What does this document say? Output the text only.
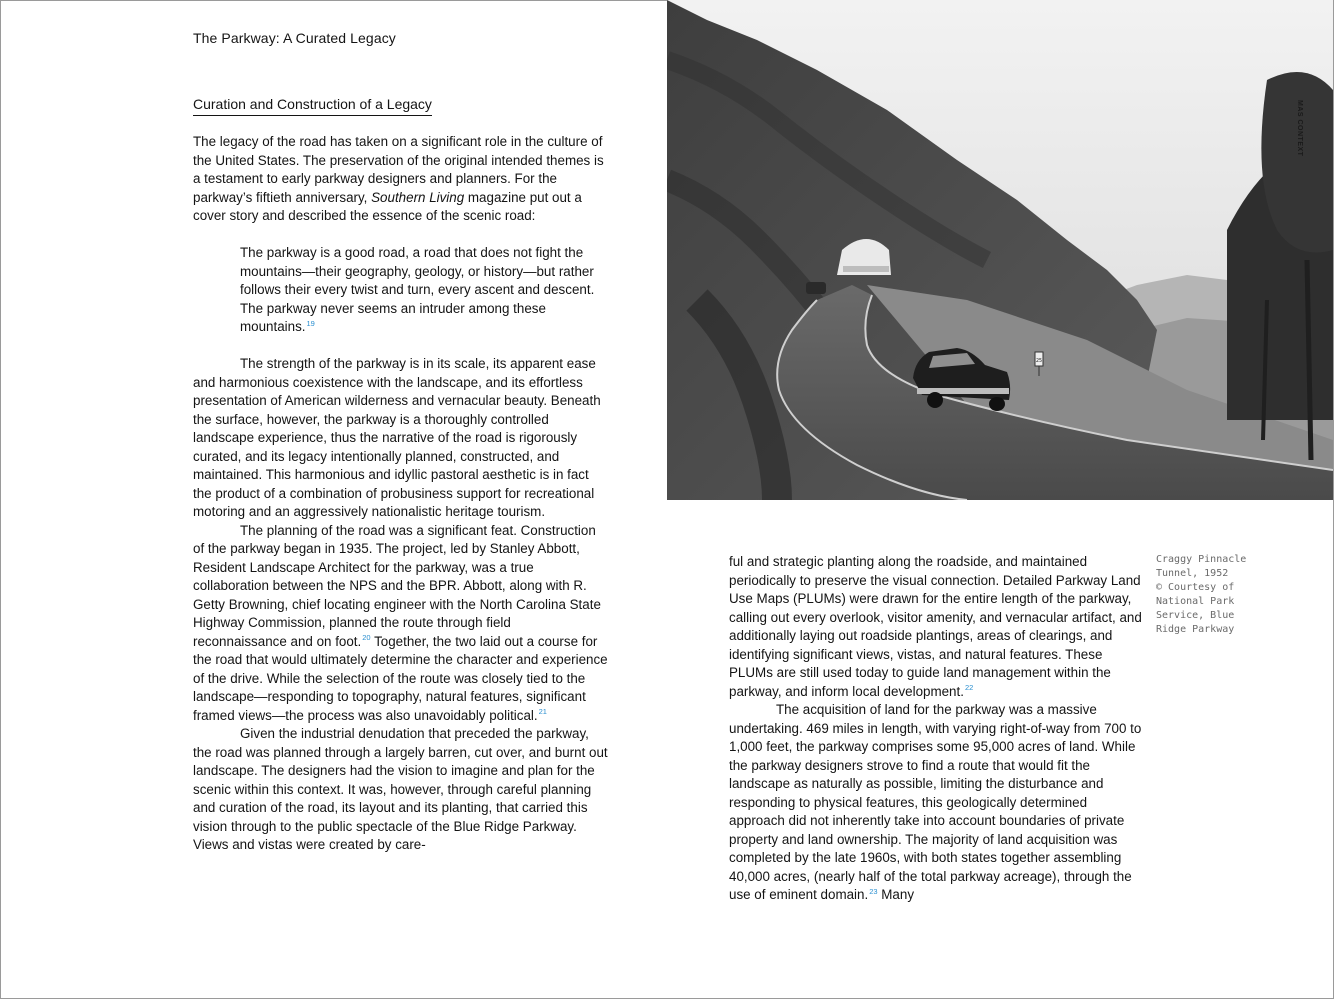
The Parkway: A Curated Legacy
MAS CONTEXT
Curation and Construction of a Legacy

The legacy of the road has taken on a significant role in the culture of the United States. The preservation of the original intended themes is a testament to early parkway designers and planners. For the parkway’s fiftieth anniversary, Southern Living magazine put out a cover story and described the essence of the scenic road:

The parkway is a good road, a road that does not fight the mountains—their geography, geology, or history—but rather follows their every twist and turn, every ascent and descent. The parkway never seems an intruder among these mountains.$^{19}$

The strength of the parkway is in its scale, its apparent ease and harmonious coexistence with the landscape, and its effortless presentation of American wilderness and vernacular beauty. Beneath the surface, however, the parkway is a thoroughly controlled landscape experience, thus the narrative of the road is rigorously curated, and its legacy intentionally planned, constructed, and maintained. This harmonious and idyllic pastoral aesthetic is in fact the product of a combination of probusiness support for recreational motoring and an aggressively nationalistic heritage tourism.

The planning of the road was a significant feat. Construction of the parkway began in 1935. The project, led by Stanley Abbott, Resident Landscape Architect for the parkway, was a true collaboration between the NPS and the BPR. Abbott, along with R. Getty Browning, chief locating engineer with the North Carolina State Highway Commission, planned the route through field reconnaissance and on foot.$^{20}$ Together, the two laid out a course for the road that would ultimately determine the character and experience of the drive. While the selection of the route was closely tied to the landscape—responding to topography, natural features, significant framed views—the process was also unavoidably political.$^{21}$

Given the industrial denudation that preceded the parkway, the road was planned through a largely barren, cut over, and burnt out landscape. The designers had the vision to imagine and plan for the scenic within this context. It was, however, through careful planning and curation of the road, its layout and its planting, that carried this vision through to the public spectacle of the Blue Ridge Parkway. Views and vistas were created by care-

25

ful and strategic planting along the roadside, and maintained periodically to preserve the visual connection. Detailed Parkway Land Use Maps (PLUMs) were drawn for the entire length of the parkway, calling out every overlook, visitor amenity, and vernacular artifact, and additionally laying out roadside plantings, areas of clearings, and identifying significant views, vistas, and natural features. These PLUMs are still used today to guide land management within the parkway, and inform local development.$^{22}$

The acquisition of land for the parkway was a massive undertaking. 469 miles in length, with varying right-of-way from 700 to 1,000 feet, the parkway comprises some 95,000 acres of land. While the parkway designers strove to find a route that would fit the landscape as naturally as possible, limiting the disturbance and responding to physical features, this geologically determined approach did not inherently take into account boundaries of private property and land ownership. The majority of land acquisition was completed by the late 1960s, with both states together assembling 40,000 acres, (nearly half of the total parkway acreage), through the use of eminent domain.$^{23}$ Many

Craggy Pinnacle
Tunnel, 1952
© Courtesy of
National Park
Service, Blue
Ridge Parkway
